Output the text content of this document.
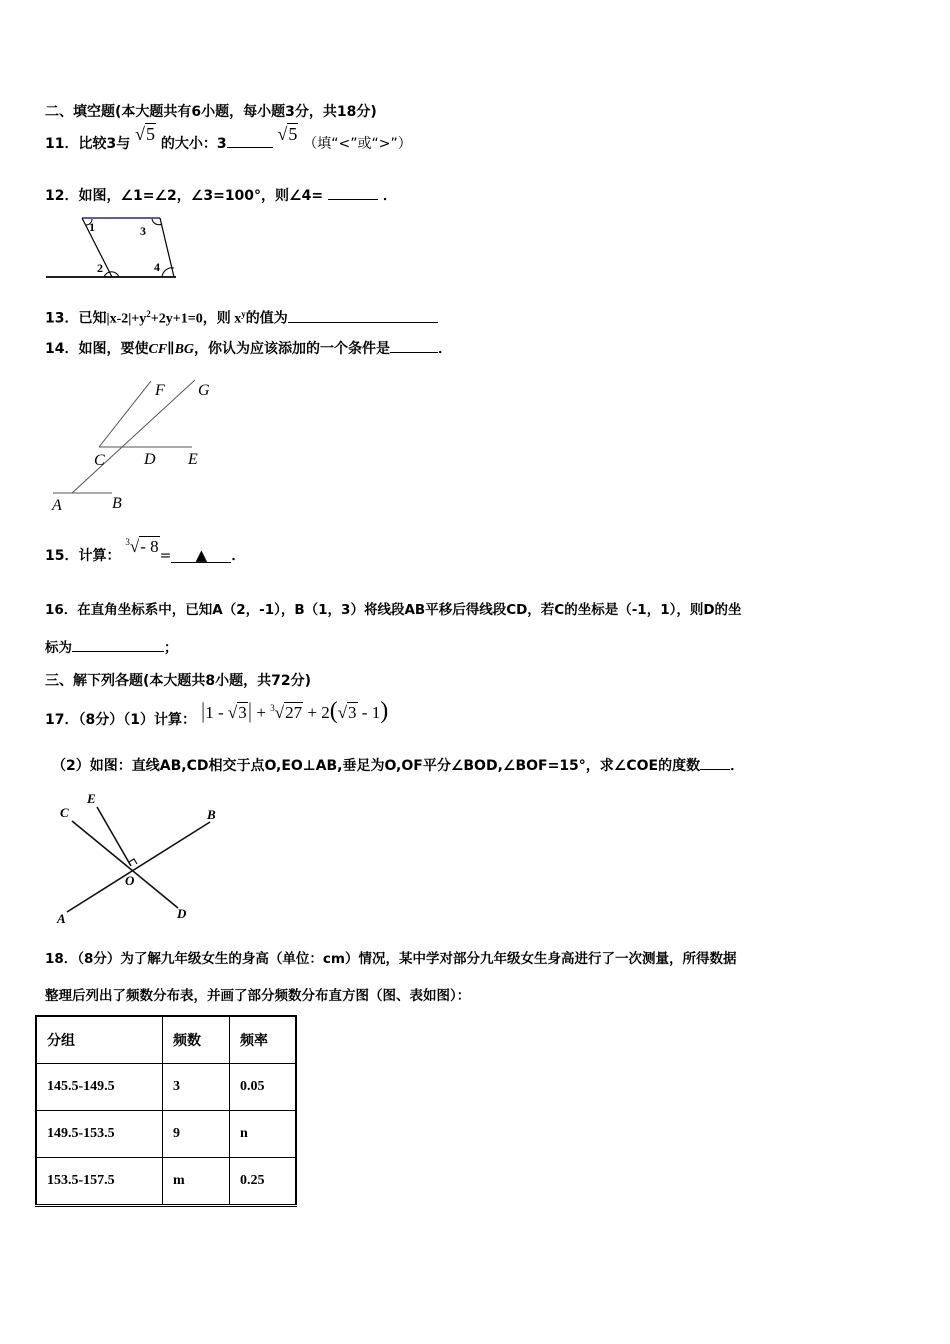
二、填空题(本大题共有6小题，每小题3分，共18分)
11．比较3与 √5 的大小：3	√5 （填“<”或“>”）
12．如图，∠1=∠2，∠3=100°，则∠4=	．
1	3
2	4
13．已知$|x-2|+y^2+2y+1=0$，则 $x^y$的值为
14．如图，要使CF∥BG，你认为应该添加的一个条件是	．
F G
C D E
A	B
15．计算： $^3$√- 8= ▲ ．
16．在直角坐标系中，已知A（2，-1），B（1，3）将线段AB平移后得线段CD，若C的坐标是（-1，1），则D的坐
标为	；
三、解下列各题(本大题共8小题，共72分)
17．（8分）（1）计算： |1 - √3| + $^3$√27 + 2(√3 - 1)
（2）如图：直线AB,CD相交于点O,EO⊥AB,垂足为O,OF平分∠BOD,∠BOF=15°，求∠COE的度数 ．
C
E
B
O
A	D
18．（8分）为了解九年级女生的身高（单位：cm）情况，某中学对部分九年级女生身高进行了一次测量，所得数据
整理后列出了频数分布表，并画了部分频数分布直方图（图、表如图）：
分组	频数	频率
145.5-149.5	3	0.05
149.5-153.5	9	n
153.5-157.5	m	0.25
